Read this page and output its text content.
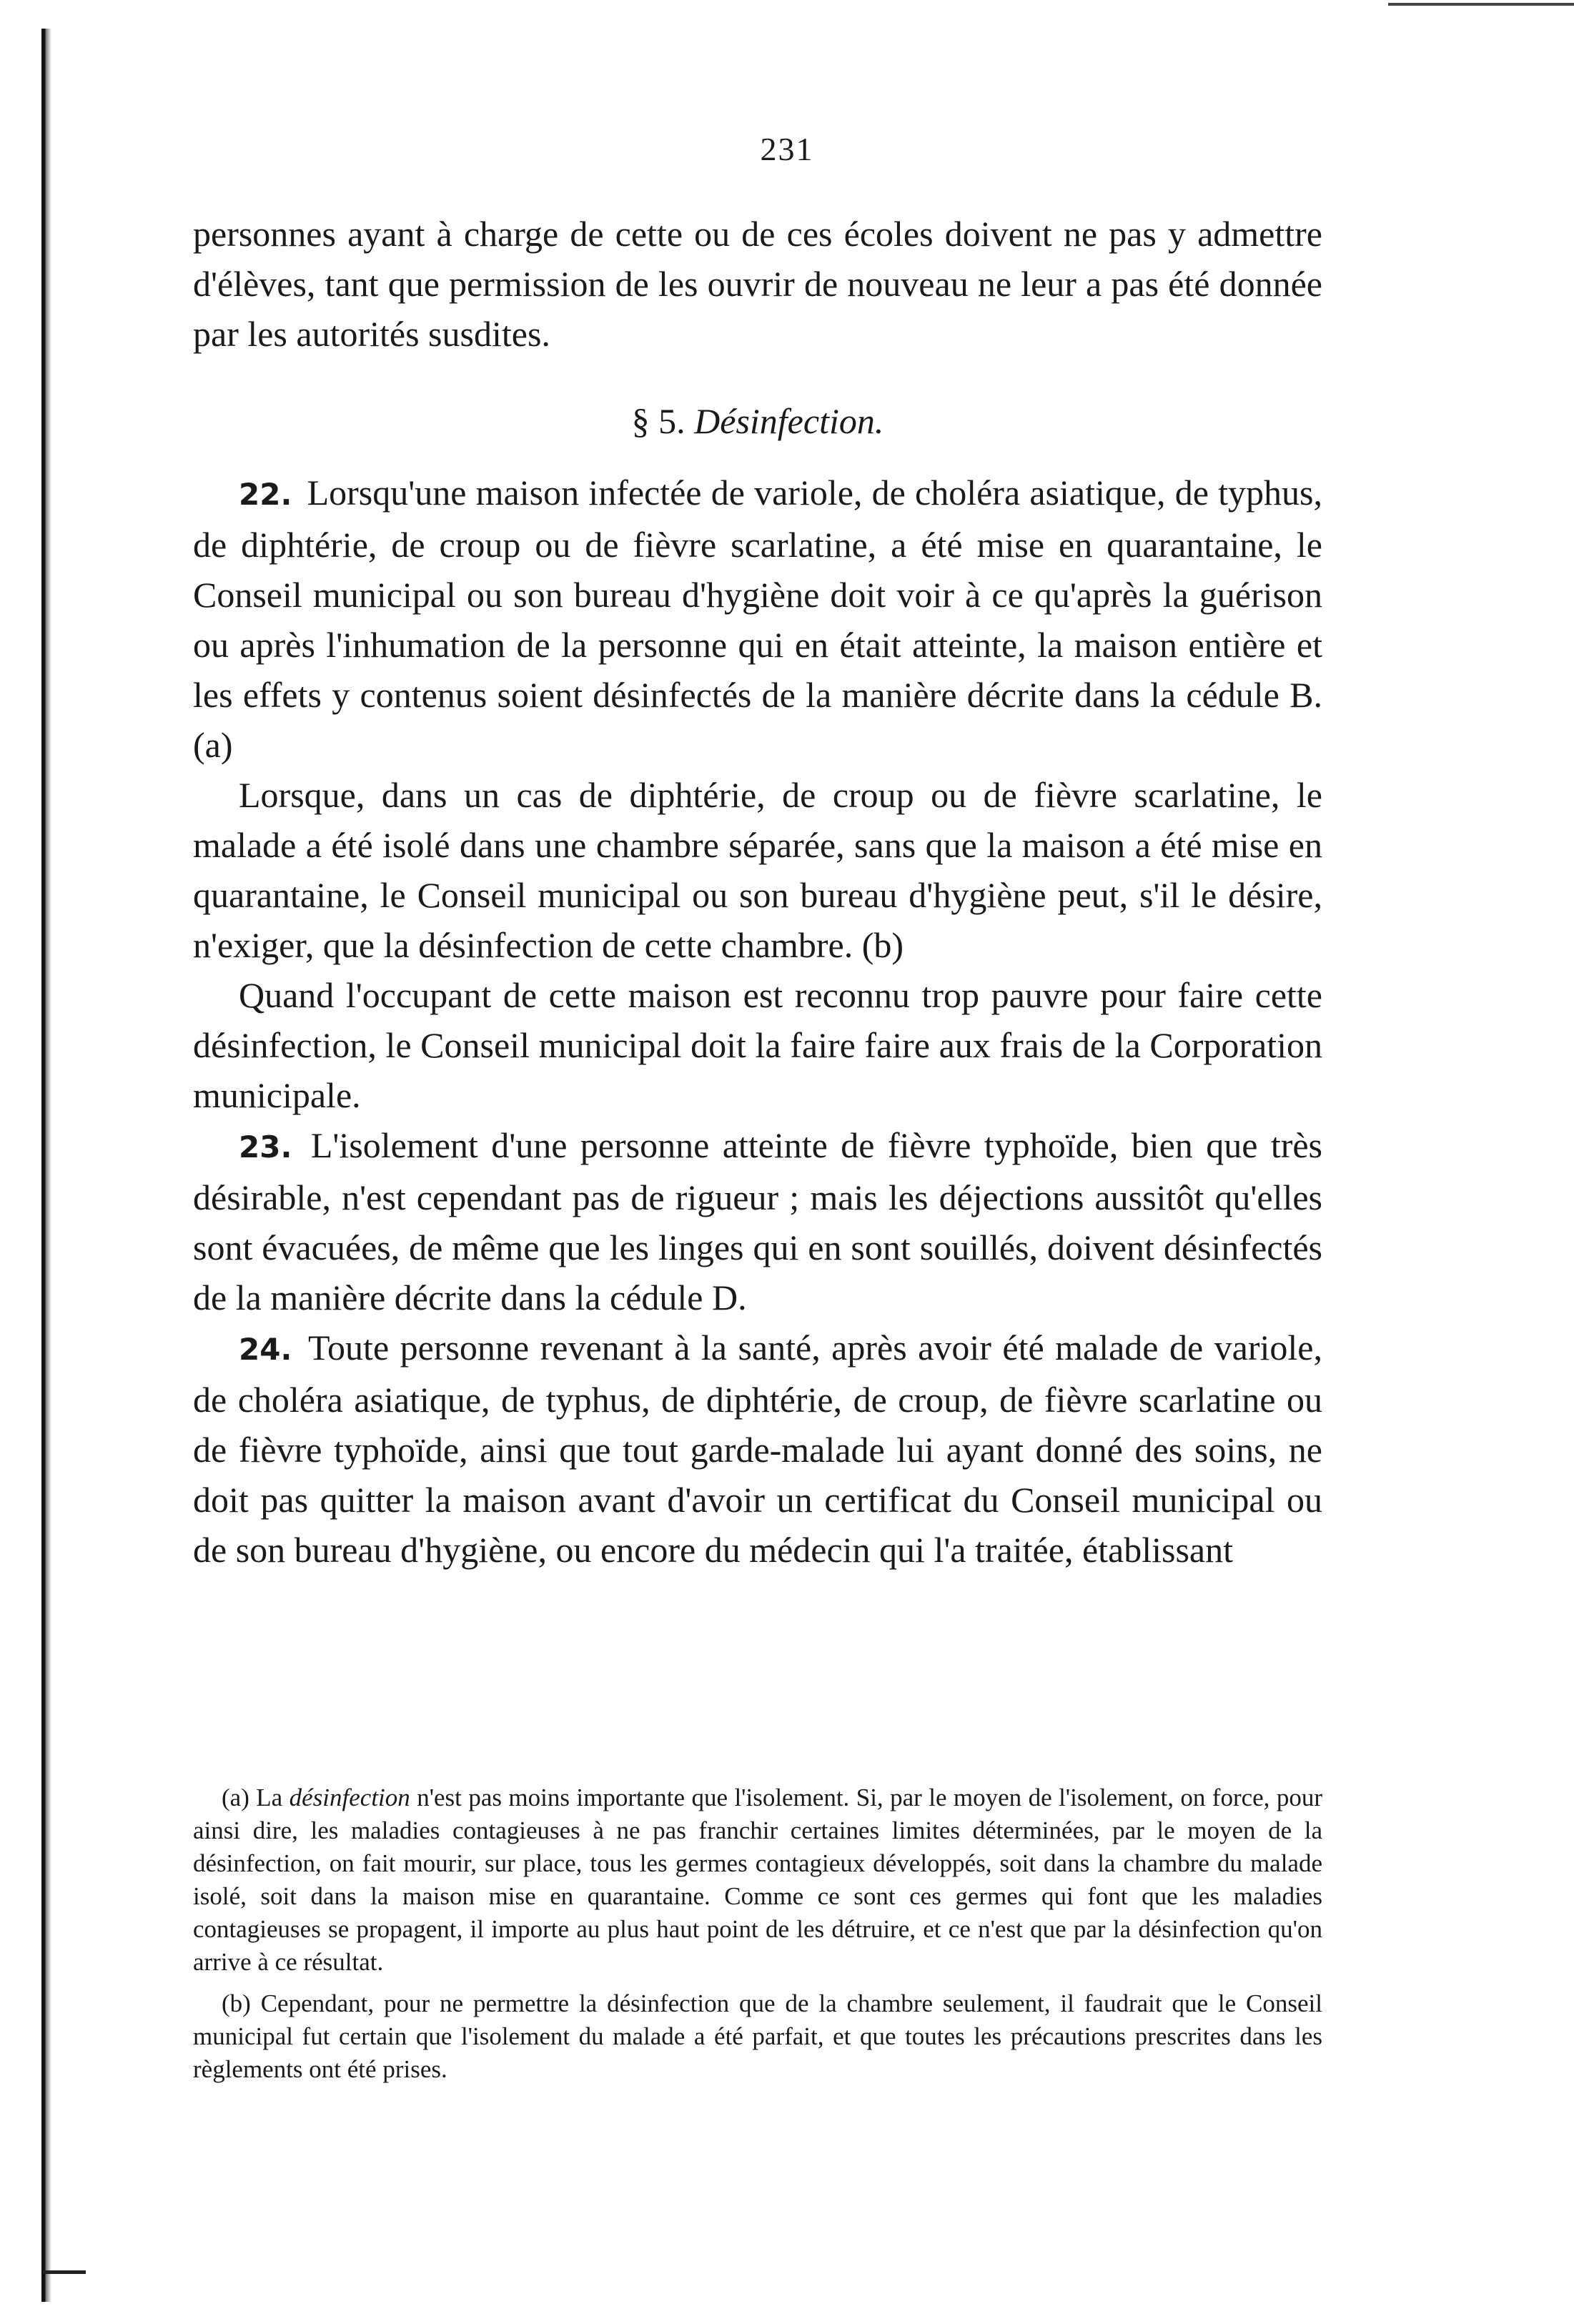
231

personnes ayant à charge de cette ou de ces écoles doivent ne pas y admettre d'élèves, tant que permission de les ouvrir de nouveau ne leur a pas été donnée par les autorités susdites.

§ 5. Désinfection.

22. Lorsqu'une maison infectée de variole, de choléra asiatique, de typhus, de diphtérie, de croup ou de fièvre scarlatine, a été mise en quarantaine, le Conseil municipal ou son bureau d'hygiène doit voir à ce qu'après la guérison ou après l'inhumation de la personne qui en était atteinte, la maison entière et les effets y contenus soient désinfectés de la manière décrite dans la cédule B. (a)

Lorsque, dans un cas de diphtérie, de croup ou de fièvre scarlatine, le malade a été isolé dans une chambre séparée, sans que la maison a été mise en quarantaine, le Conseil municipal ou son bureau d'hygiène peut, s'il le désire, n'exiger, que la désinfection de cette chambre. (b)

Quand l'occupant de cette maison est reconnu trop pauvre pour faire cette désinfection, le Conseil municipal doit la faire faire aux frais de la Corporation municipale.

23. L'isolement d'une personne atteinte de fièvre typhoïde, bien que très désirable, n'est cependant pas de rigueur ; mais les déjections aussitôt qu'elles sont évacuées, de même que les linges qui en sont souillés, doivent désinfectés de la manière décrite dans la cédule D.

24. Toute personne revenant à la santé, après avoir été malade de variole, de choléra asiatique, de typhus, de diphtérie, de croup, de fièvre scarlatine ou de fièvre typhoïde, ainsi que tout garde-malade lui ayant donné des soins, ne doit pas quitter la maison avant d'avoir un certificat du Conseil municipal ou de son bureau d'hygiène, ou encore du médecin qui l'a traitée, établissant

(a) La désinfection n'est pas moins importante que l'isolement. Si, par le moyen de l'isolement, on force, pour ainsi dire, les maladies contagieuses à ne pas franchir certaines limites déterminées, par le moyen de la désinfection, on fait mourir, sur place, tous les germes contagieux développés, soit dans la chambre du malade isolé, soit dans la maison mise en quarantaine. Comme ce sont ces germes qui font que les maladies contagieuses se propagent, il importe au plus haut point de les détruire, et ce n'est que par la désinfection qu'on arrive à ce résultat.

(b) Cependant, pour ne permettre la désinfection que de la chambre seulement, il faudrait que le Conseil municipal fut certain que l'isolement du malade a été parfait, et que toutes les précautions prescrites dans les règlements ont été prises.
